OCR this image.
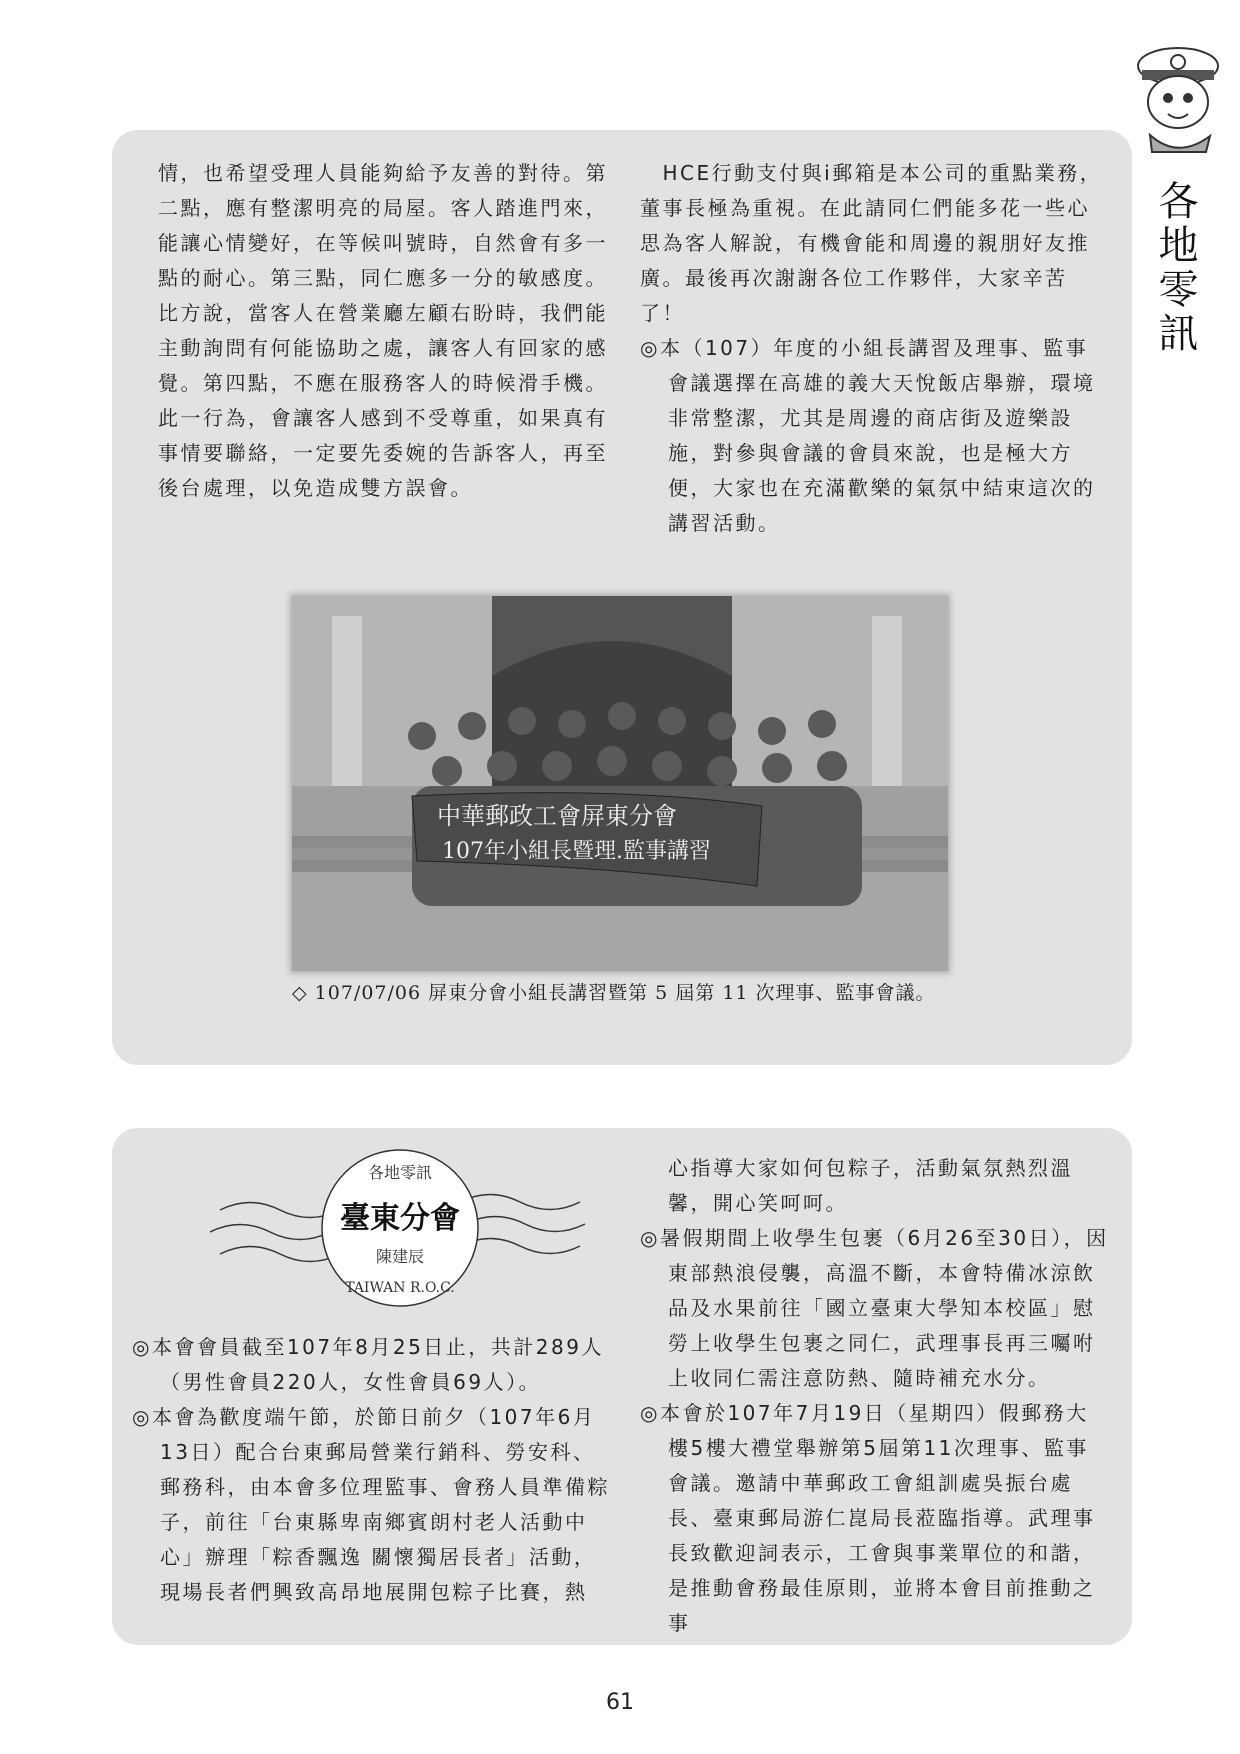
各地零訊

情，也希望受理人員能夠給予友善的對待。第二點，應有整潔明亮的局屋。客人踏進門來，能讓心情變好，在等候叫號時，自然會有多一點的耐心。第三點，同仁應多一分的敏感度。比方說，當客人在營業廳左顧右盼時，我們能主動詢問有何能協助之處，讓客人有回家的感覺。第四點，不應在服務客人的時候滑手機。此一行為，會讓客人感到不受尊重，如果真有事情要聯絡，一定要先委婉的告訴客人，再至後台處理，以免造成雙方誤會。

　HCE行動支付與i郵箱是本公司的重點業務，董事長極為重視。在此請同仁們能多花一些心思為客人解說，有機會能和周邊的親朋好友推廣。最後再次謝謝各位工作夥伴，大家辛苦了！

◎本（107）年度的小組長講習及理事、監事會議選擇在高雄的義大天悅飯店舉辦，環境非常整潔，尤其是周邊的商店街及遊樂設施，對參與會議的會員來說，也是極大方便，大家也在充滿歡樂的氣氛中結束這次的講習活動。

中華郵政工會屏東分會
107年小組長暨理.監事講習
◇ 107/07/06 屏東分會小組長講習暨第 5 屆第 11 次理事、監事會議。
各地零訊
臺東分會
陳建辰
TAIWAN R.O.C.

◎本會會員截至107年8月25日止，共計289人（男性會員220人，女性會員69人）。

◎本會為歡度端午節，於節日前夕（107年6月13日）配合台東郵局營業行銷科、勞安科、郵務科，由本會多位理監事、會務人員準備粽子，前往「台東縣卑南鄉賓朗村老人活動中心」辦理「粽香飄逸 關懷獨居長者」活動，現場長者們興致高昂地展開包粽子比賽，熱

心指導大家如何包粽子，活動氣氛熱烈溫馨，開心笑呵呵。

◎暑假期間上收學生包裹（6月26至30日），因東部熱浪侵襲，高溫不斷，本會特備冰涼飲品及水果前往「國立臺東大學知本校區」慰勞上收學生包裹之同仁，武理事長再三囑咐上收同仁需注意防熱、隨時補充水分。

◎本會於107年7月19日（星期四）假郵務大樓5樓大禮堂舉辦第5屆第11次理事、監事會議。邀請中華郵政工會組訓處吳振台處長、臺東郵局游仁崑局長蒞臨指導。武理事長致歡迎詞表示，工會與事業單位的和諧，是推動會務最佳原則，並將本會目前推動之事

61
